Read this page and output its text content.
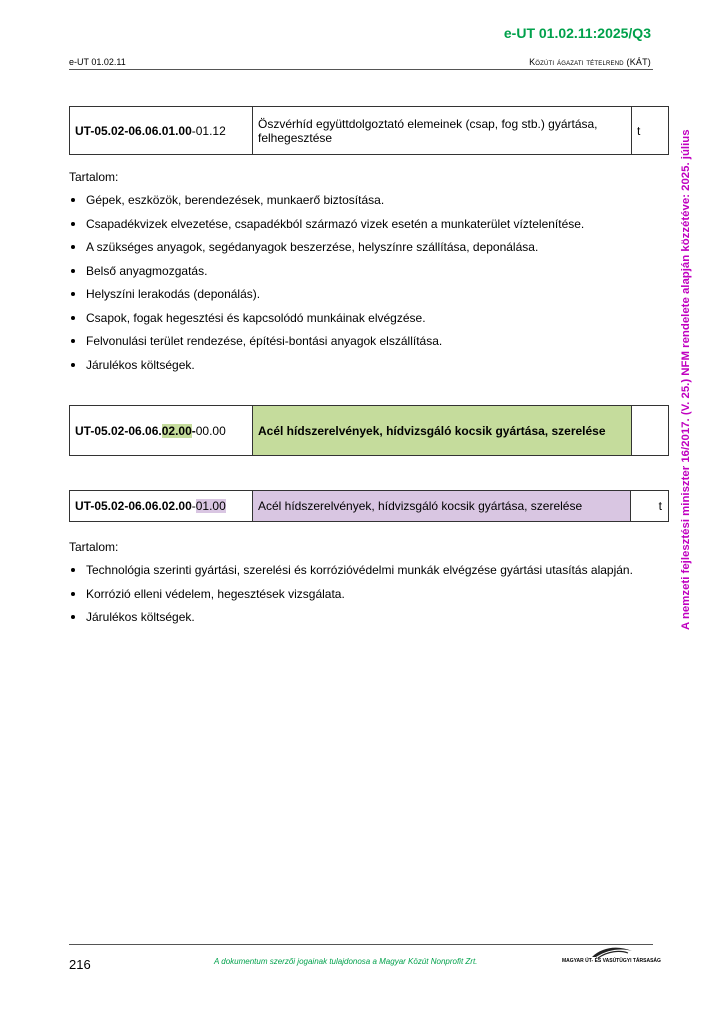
e-UT 01.02.11:2025/Q3
e-UT 01.02.11	Közúti ágazati tételrend (KÁT)
A nemzeti fejlesztési miniszter 16/2017. (V. 25.) NFM rendelete alapján közzétéve: 2025. július
UT-05.02-06.06.01.00-01.12	Öszvérhíd együttdolgoztató elemeinek (csap, fog stb.) gyártása, felhegesztése	t
Tartalom:
Gépek, eszközök, berendezések, munkaerő biztosítása.
Csapadékvizek elvezetése, csapadékból származó vizek esetén a munkaterület víztelenítése.
A szükséges anyagok, segédanyagok beszerzése, helyszínre szállítása, deponálása.
Belső anyagmozgatás.
Helyszíni lerakodás (deponálás).
Csapok, fogak hegesztési és kapcsolódó munkáinak elvégzése.
Felvonulási terület rendezése, építési-bontási anyagok elszállítása.
Járulékos költségek.
UT-05.02-06.06.02.00-00.00	Acél hídszerelvények, hídvizsgáló kocsik gyártása, szerelése	
UT-05.02-06.06.02.00-01.00	Acél hídszerelvények, hídvizsgáló kocsik gyártása, szerelése	t
Tartalom:
Technológia szerinti gyártási, szerelési és korrózióvédelmi munkák elvégzése gyártási utasítás alapján.
Korrózió elleni védelem, hegesztések vizsgálata.
Járulékos költségek.
216	A dokumentum szerzői jogainak tulajdonosa a Magyar Közút Nonprofit Zrt.	MAGYAR ÚT- ÉS VASÚTÜGYI TÁRSASÁG
